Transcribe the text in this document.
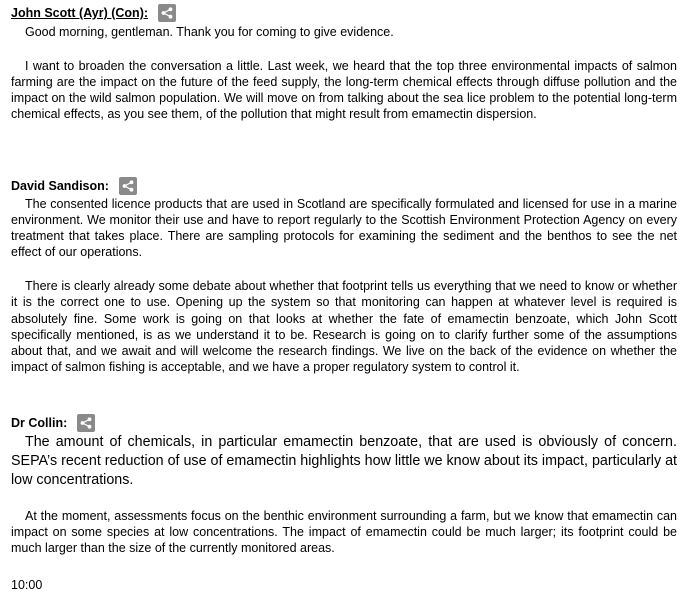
John Scott (Ayr) (Con):

Good morning, gentleman. Thank you for coming to give evidence.

I want to broaden the conversation a little. Last week, we heard that the top three environmental impacts of salmon farming are the impact on the future of the feed supply, the long-term chemical effects through diffuse pollution and the impact on the wild salmon population. We will move on from talking about the sea lice problem to the potential long-term chemical effects, as you see them, of the pollution that might result from emamectin dispersion.

David Sandison:

The consented licence products that are used in Scotland are specifically formulated and licensed for use in a marine environment. We monitor their use and have to report regularly to the Scottish Environment Protection Agency on every treatment that takes place. There are sampling protocols for examining the sediment and the benthos to see the net effect of our operations.

There is clearly already some debate about whether that footprint tells us everything that we need to know or whether it is the correct one to use. Opening up the system so that monitoring can happen at whatever level is required is absolutely fine. Some work is going on that looks at whether the fate of emamectin benzoate, which John Scott specifically mentioned, is as we understand it to be. Research is going on to clarify further some of the assumptions about that, and we await and will welcome the research findings. We live on the back of the evidence on whether the impact of salmon fishing is acceptable, and we have a proper regulatory system to control it.

Dr Collin:

The amount of chemicals, in particular emamectin benzoate, that are used is obviously of concern. SEPA’s recent reduction of use of emamectin highlights how little we know about its impact, particularly at low concentrations.

At the moment, assessments focus on the benthic environment surrounding a farm, but we know that emamectin can impact on some species at low concentrations. The impact of emamectin could be much larger; its footprint could be much larger than the size of the currently monitored areas.

10:00
